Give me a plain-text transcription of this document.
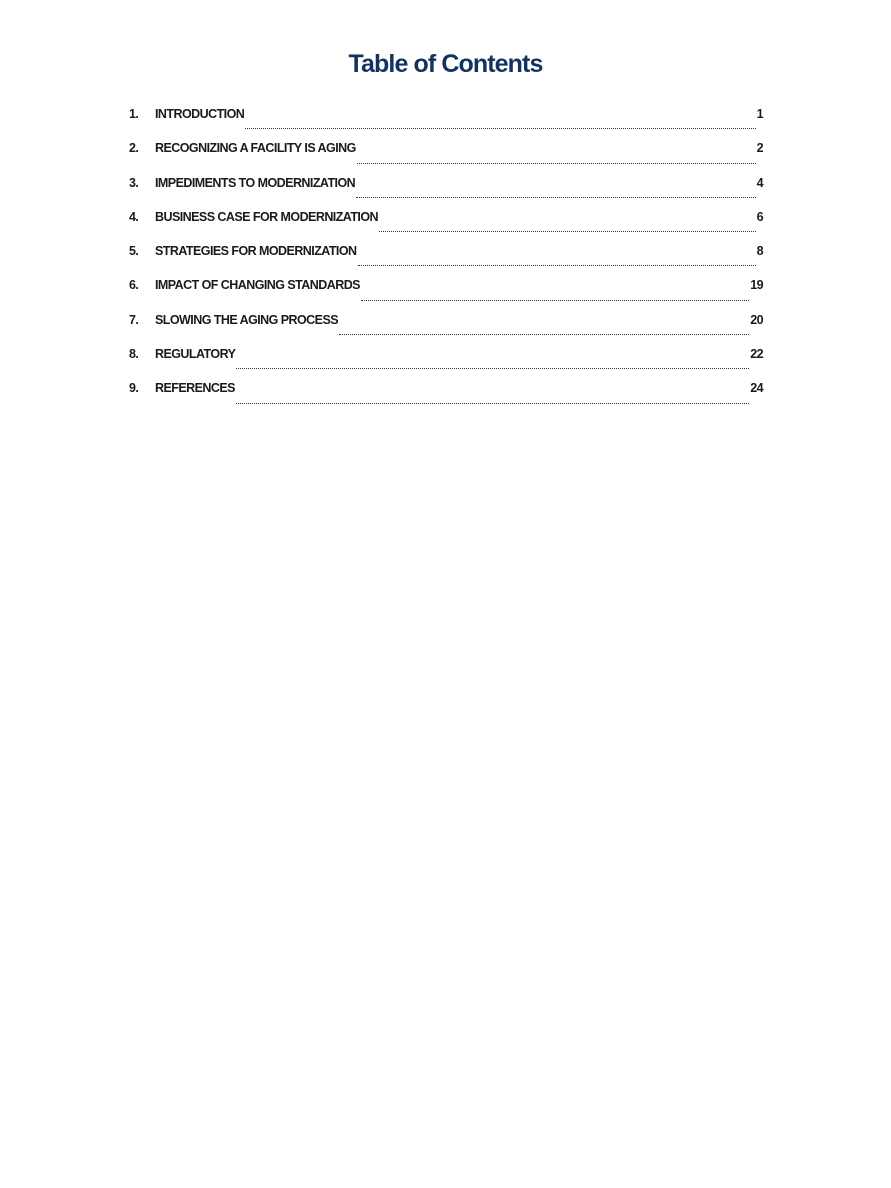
Table of Contents
1.	INTRODUCTION	1
2.	RECOGNIZING A FACILITY IS AGING	2
3.	IMPEDIMENTS TO MODERNIZATION	4
4.	BUSINESS CASE FOR MODERNIZATION	6
5.	STRATEGIES FOR MODERNIZATION	8
6.	IMPACT OF CHANGING STANDARDS	19
7.	SLOWING THE AGING PROCESS	20
8.	REGULATORY	22
9.	REFERENCES	24
